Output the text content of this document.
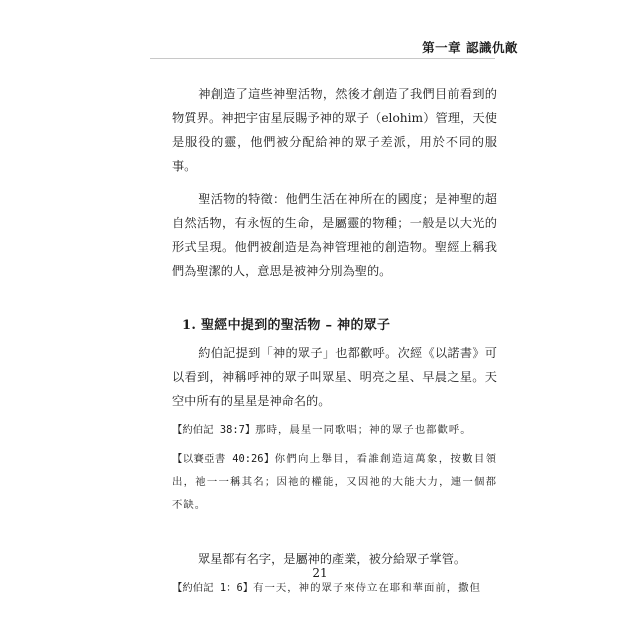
第一章 認識仇敵

神創造了這些神聖活物，然後才創造了我們目前看到的物質界。神把宇宙星辰賜予神的眾子（elohim）管理，天使是服役的靈，他們被分配給神的眾子差派，用於不同的服事。

聖活物的特徵：他們生活在神所在的國度；是神聖的超自然活物，有永恆的生命，是屬靈的物種；一般是以大光的形式呈現。他們被創造是為神管理祂的創造物。聖經上稱我們為聖潔的人，意思是被神分別為聖的。

1. 聖經中提到的聖活物 – 神的眾子

約伯記提到「神的眾子」也都歡呼。次經《以諾書》可以看到，神稱呼神的眾子叫眾星、明亮之星、早晨之星。天空中所有的星星是神命名的。

【約伯記 38:7】那時，晨星一同歌唱；神的眾子也都歡呼。

【以賽亞書 40:26】你們向上舉目，看誰創造這萬象，按數目領出，祂一一稱其名；因祂的權能，又因祂的大能大力，連一個都不缺。

眾星都有名字，是屬神的產業，被分給眾子掌管。

【約伯記 1：6】有一天，神的眾子來侍立在耶和華面前，撒但

21
